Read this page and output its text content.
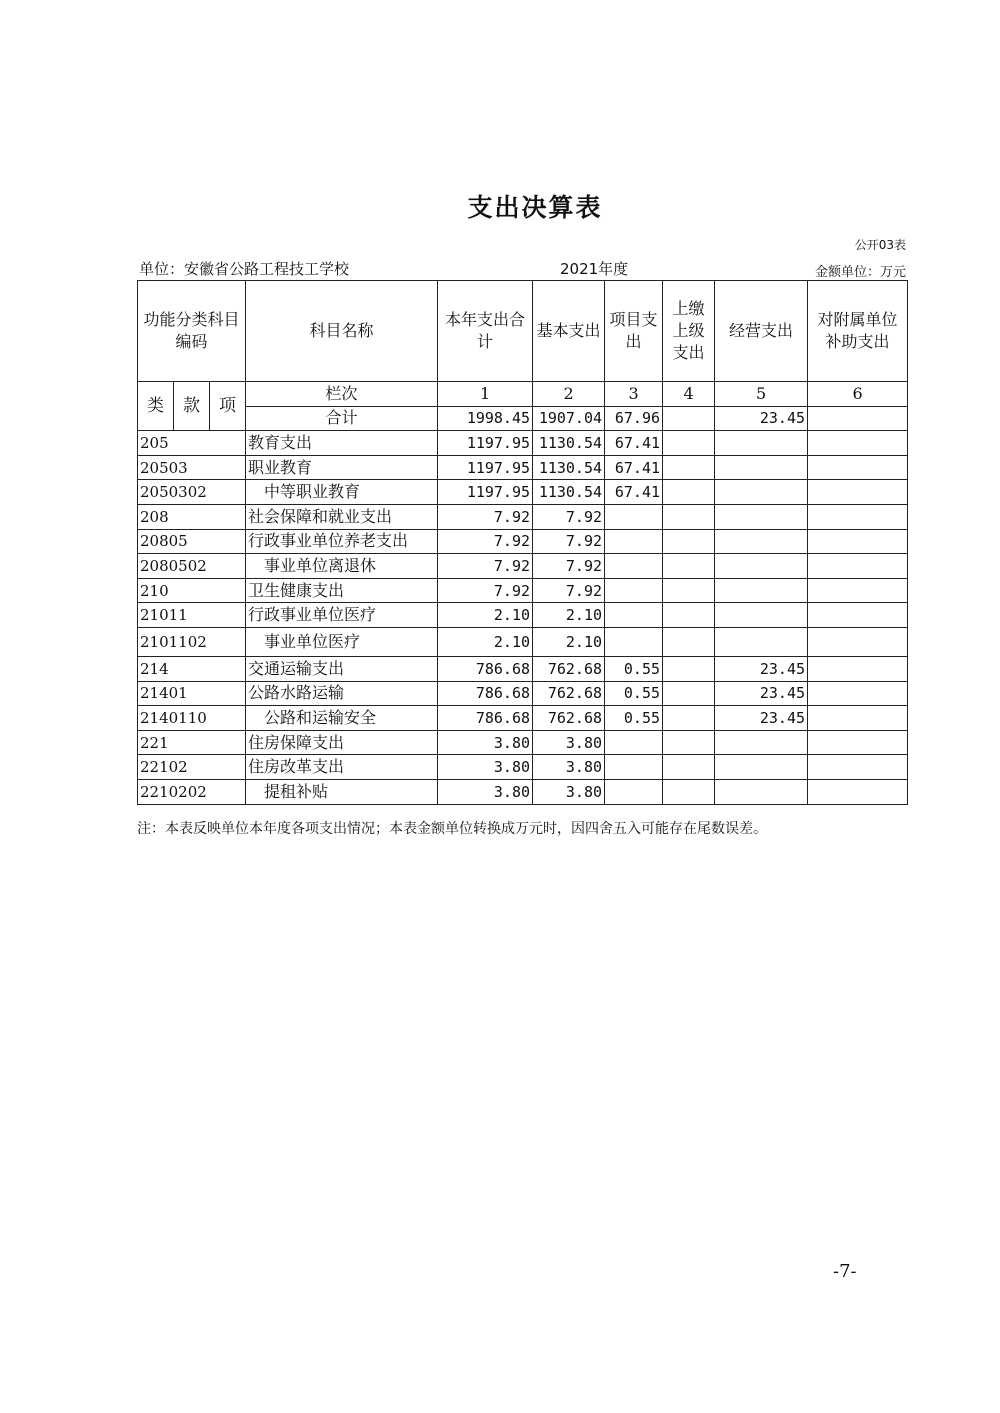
支出决算表
公开03表
单位：安徽省公路工程技工学校	2021年度	金额单位：万元
功能分类科目编码			科目名称	本年支出合计	基本支出	项目支出	上缴上级支出	经营支出	对附属单位补助支出
类	款	项	栏次	1	2	3	4	5	6
			合计	1998.45	1907.04	67.96		23.45	
205			教育支出	1197.95	1130.54	67.41			
20503			职业教育	1197.95	1130.54	67.41			
2050302			中等职业教育	1197.95	1130.54	67.41			
208			社会保障和就业支出	7.92	7.92				
20805			行政事业单位养老支出	7.92	7.92				
2080502			事业单位离退休	7.92	7.92				
210			卫生健康支出	7.92	7.92				
21011			行政事业单位医疗	2.10	2.10				
2101102			事业单位医疗	2.10	2.10				
214			交通运输支出	786.68	762.68	0.55		23.45	
21401			公路水路运输	786.68	762.68	0.55		23.45	
2140110			公路和运输安全	786.68	762.68	0.55		23.45	
221			住房保障支出	3.80	3.80				
22102			住房改革支出	3.80	3.80				
2210202			提租补贴	3.80	3.80				
注：本表反映单位本年度各项支出情况；本表金额单位转换成万元时，因四舍五入可能存在尾数误差。
-7-
